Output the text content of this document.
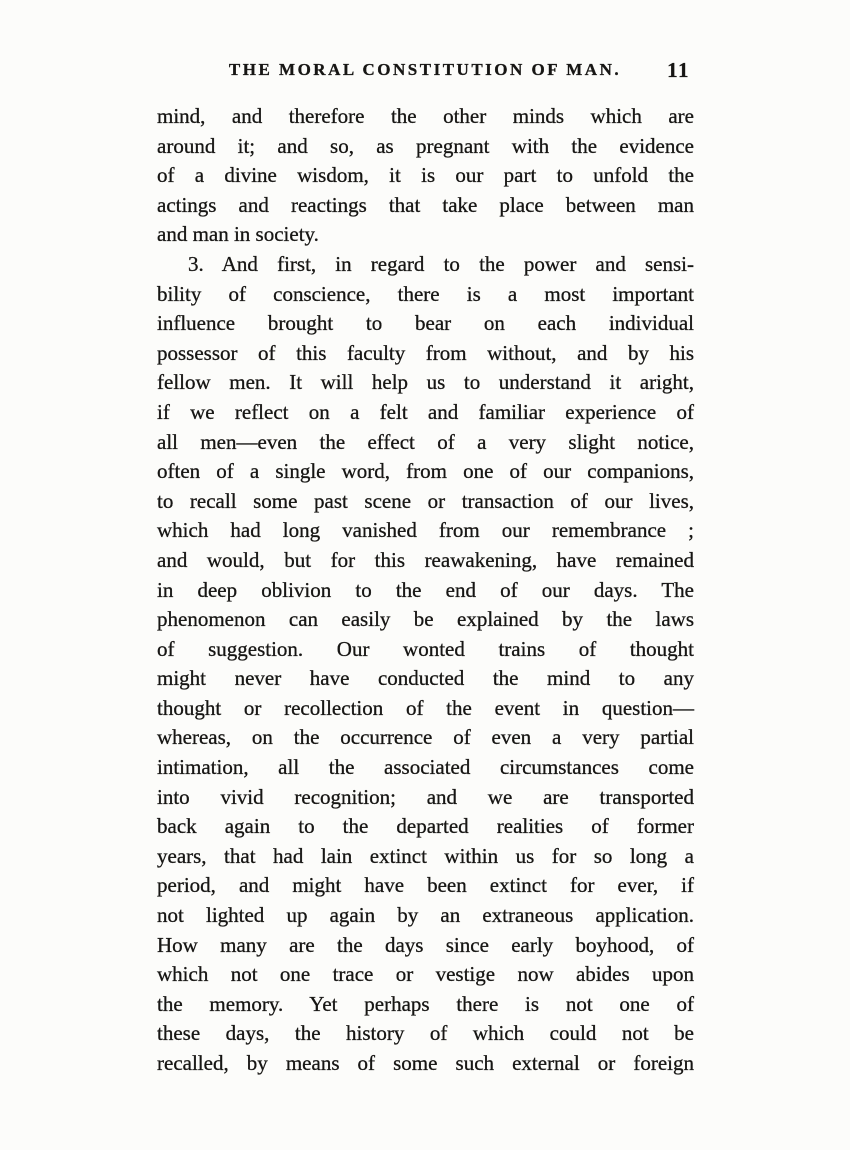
THE MORAL CONSTITUTION OF MAN.	11
mind, and therefore the other minds which are
around it; and so, as pregnant with the evidence
of a divine wisdom, it is our part to unfold the
actings and reactings that take place between man
and man in society.
3. And first, in regard to the power and sensi-
bility of conscience, there is a most important
influence brought to bear on each individual
possessor of this faculty from without, and by his
fellow men. It will help us to understand it aright,
if we reflect on a felt and familiar experience of
all men—even the effect of a very slight notice,
often of a single word, from one of our companions,
to recall some past scene or transaction of our lives,
which had long vanished from our remembrance ;
and would, but for this reawakening, have remained
in deep oblivion to the end of our days. The
phenomenon can easily be explained by the laws
of suggestion. Our wonted trains of thought
might never have conducted the mind to any
thought or recollection of the event in question—
whereas, on the occurrence of even a very partial
intimation, all the associated circumstances come
into vivid recognition; and we are transported
back again to the departed realities of former
years, that had lain extinct within us for so long a
period, and might have been extinct for ever, if
not lighted up again by an extraneous application.
How many are the days since early boyhood, of
which not one trace or vestige now abides upon
the memory. Yet perhaps there is not one of
these days, the history of which could not be
recalled, by means of some such external or foreign
